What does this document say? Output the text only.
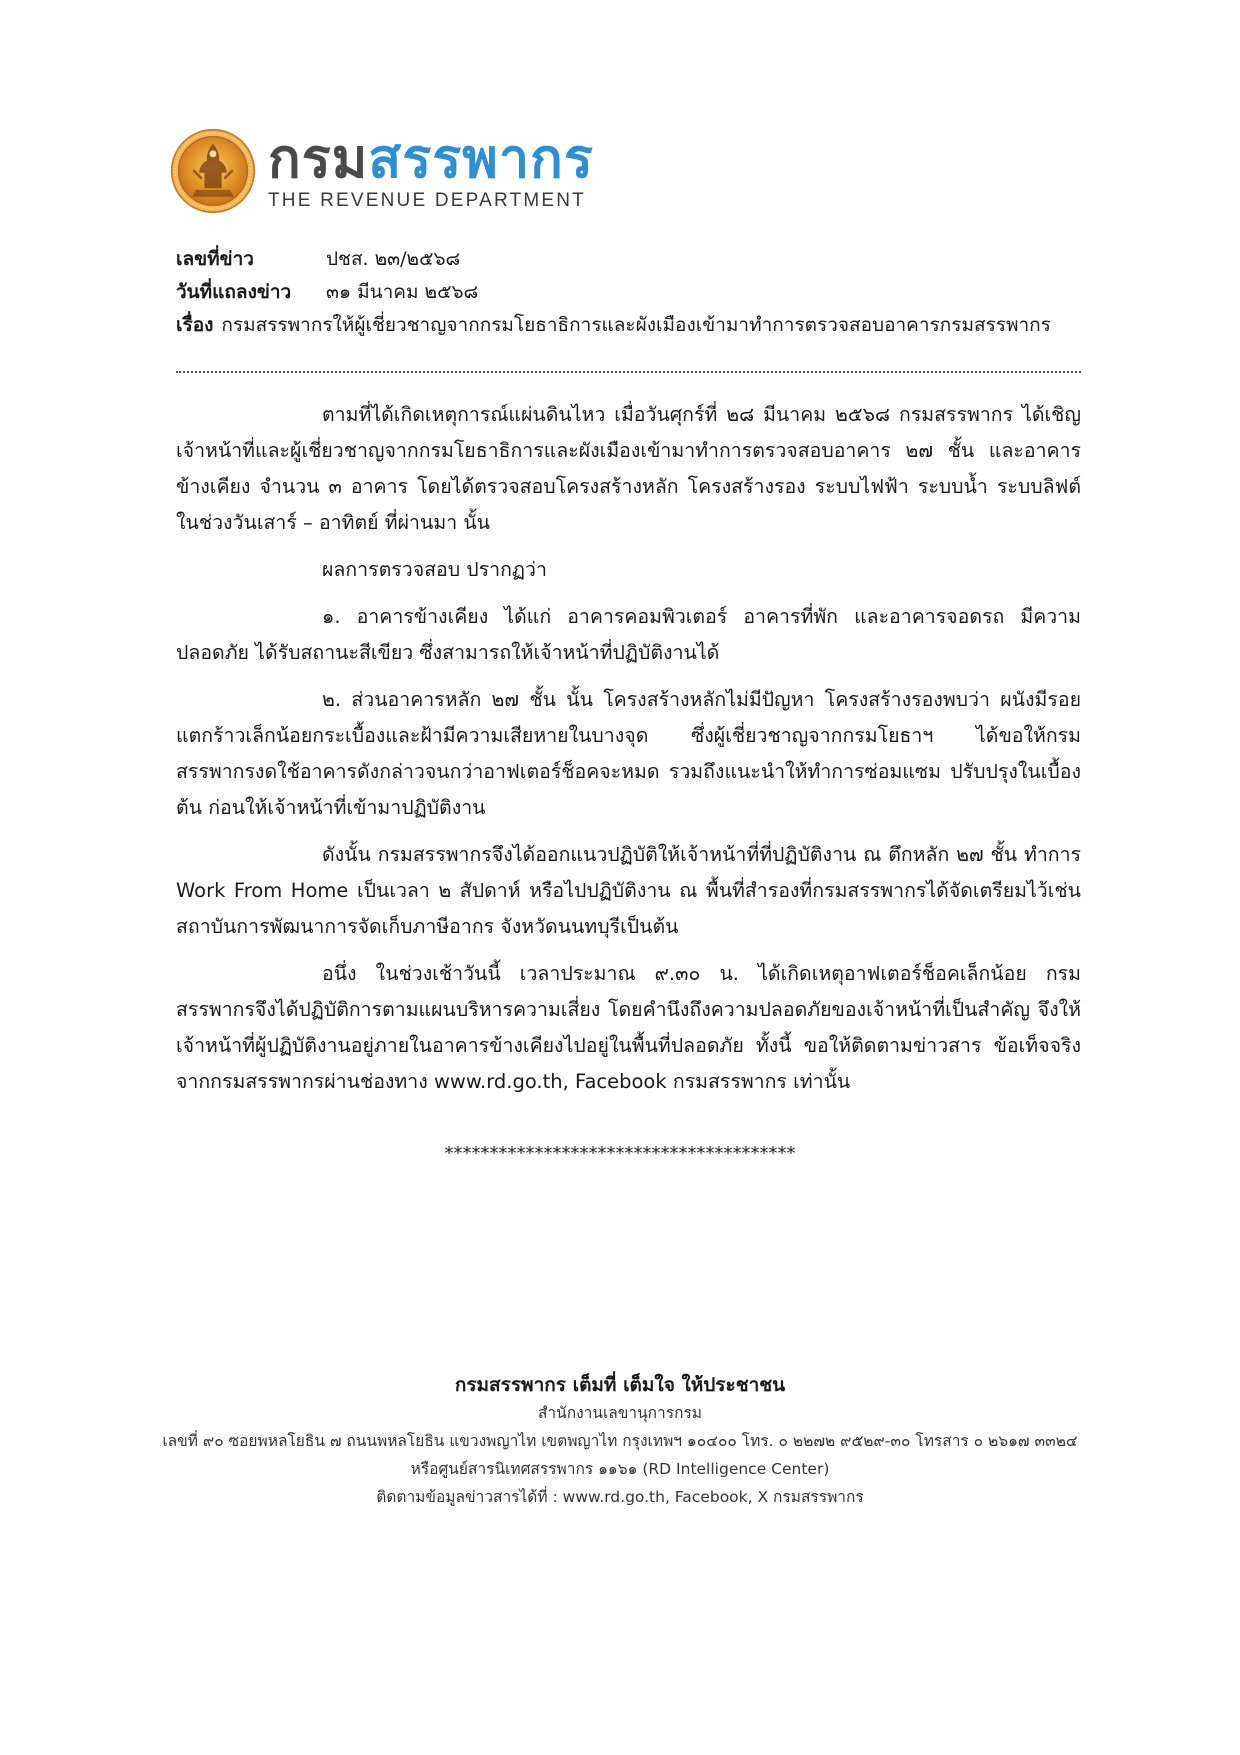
กรมสรรพากร
THE REVENUE DEPARTMENT
เลขที่ข่าว	ปชส. ๒๓/๒๕๖๘
วันที่แถลงข่าว ๓๑ มีนาคม ๒๕๖๘
เรื่อง กรมสรรพากรให้ผู้เชี่ยวชาญจากกรมโยธาธิการและผังเมืองเข้ามาทำการตรวจสอบอาคารกรมสรรพากร

ตามที่ได้เกิดเหตุการณ์แผ่นดินไหว เมื่อวันศุกร์ที่ ๒๘ มีนาคม ๒๕๖๘ กรมสรรพากร ได้เชิญเจ้าหน้าที่และผู้เชี่ยวชาญจากกรมโยธาธิการและผังเมืองเข้ามาทำการตรวจสอบอาคาร ๒๗ ชั้น และอาคารข้างเคียง จำนวน ๓ อาคาร โดยได้ตรวจสอบโครงสร้างหลัก โครงสร้างรอง ระบบไฟฟ้า ระบบน้ำ ระบบลิฟต์ ในช่วงวันเสาร์ – อาทิตย์ ที่ผ่านมา นั้น

ผลการตรวจสอบ ปรากฏว่า

๑. อาคารข้างเคียง ได้แก่ อาคารคอมพิวเตอร์ อาคารที่พัก และอาคารจอดรถ มีความปลอดภัย ได้รับสถานะสีเขียว ซึ่งสามารถให้เจ้าหน้าที่ปฏิบัติงานได้

๒. ส่วนอาคารหลัก ๒๗ ชั้น นั้น โครงสร้างหลักไม่มีปัญหา โครงสร้างรองพบว่า ผนังมีรอยแตกร้าวเล็กน้อยกระเบื้องและฝ้ามีความเสียหายในบางจุด ซึ่งผู้เชี่ยวชาญจากกรมโยธาฯ ได้ขอให้กรมสรรพากรงดใช้อาคารดังกล่าวจนกว่าอาฟเตอร์ช็อคจะหมด รวมถึงแนะนำให้ทำการซ่อมแซม ปรับปรุงในเบื้องต้น ก่อนให้เจ้าหน้าที่เข้ามาปฏิบัติงาน

ดังนั้น กรมสรรพากรจึงได้ออกแนวปฏิบัติให้เจ้าหน้าที่ที่ปฏิบัติงาน ณ ตึกหลัก ๒๗ ชั้น ทำการ Work From Home เป็นเวลา ๒ สัปดาห์ หรือไปปฏิบัติงาน ณ พื้นที่สำรองที่กรมสรรพากรได้จัดเตรียมไว้เช่น สถาบันการพัฒนาการจัดเก็บภาษีอากร จังหวัดนนทบุรีเป็นต้น

อนึ่ง ในช่วงเช้าวันนี้ เวลาประมาณ ๙.๓๐ น. ได้เกิดเหตุอาฟเตอร์ช็อคเล็กน้อย กรมสรรพากรจึงได้ปฏิบัติการตามแผนบริหารความเสี่ยง โดยคำนึงถึงความปลอดภัยของเจ้าหน้าที่เป็นสำคัญ จึงให้เจ้าหน้าที่ผู้ปฏิบัติงานอยู่ภายในอาคารข้างเคียงไปอยู่ในพื้นที่ปลอดภัย ทั้งนี้ ขอให้ติดตามข่าวสาร ข้อเท็จจริงจากกรมสรรพากรผ่านช่องทาง www.rd.go.th, Facebook กรมสรรพากร เท่านั้น

***************************************
กรมสรรพากร เต็มที่ เต็มใจ ให้ประชาชน
สำนักงานเลขานุการกรม
เลขที่ ๙๐ ซอยพหลโยธิน ๗ ถนนพหลโยธิน แขวงพญาไท เขตพญาไท กรุงเทพฯ ๑๐๔๐๐ โทร. ๐ ๒๒๗๒ ๙๕๒๙-๓๐ โทรสาร ๐ ๒๖๑๗ ๓๓๒๔
หรือศูนย์สารนิเทศสรรพากร ๑๑๖๑ (RD Intelligence Center)
ติดตามข้อมูลข่าวสารได้ที่ : www.rd.go.th, Facebook, X กรมสรรพากร
